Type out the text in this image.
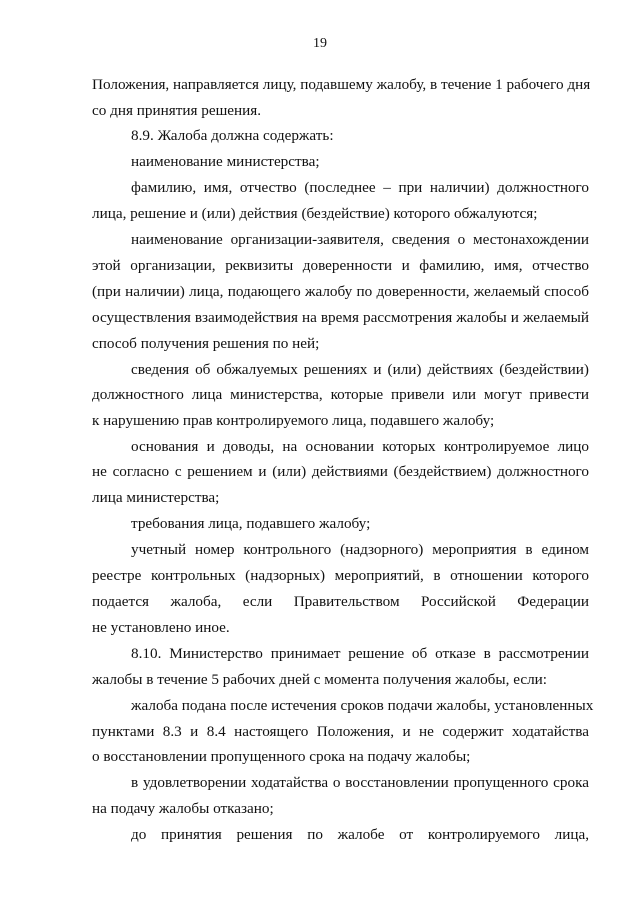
19
Положения, направляется лицу, подавшему жалобу, в течение 1 рабочего дня
со дня принятия решения.
8.9. Жалоба должна содержать:
наименование министерства;
фамилию, имя, отчество (последнее – при наличии) должностного
лица, решение и (или) действия (бездействие) которого обжалуются;
наименование организации-заявителя, сведения о местонахождении
этой организации, реквизиты доверенности и фамилию, имя, отчество
(при наличии) лица, подающего жалобу по доверенности, желаемый способ
осуществления взаимодействия на время рассмотрения жалобы и желаемый
способ получения решения по ней;
сведения об обжалуемых решениях и (или) действиях (бездействии)
должностного лица министерства, которые привели или могут привести
к нарушению прав контролируемого лица, подавшего жалобу;
основания и доводы, на основании которых контролируемое лицо
не согласно с решением и (или) действиями (бездействием) должностного
лица министерства;
требования лица, подавшего жалобу;
учетный номер контрольного (надзорного) мероприятия в едином
реестре контрольных (надзорных) мероприятий, в отношении которого
подается жалоба, если Правительством Российской Федерации
не установлено иное.
8.10. Министерство принимает решение об отказе в рассмотрении
жалобы в течение 5 рабочих дней с момента получения жалобы, если:
жалоба подана после истечения сроков подачи жалобы, установленных
пунктами 8.3 и 8.4 настоящего Положения, и не содержит ходатайства
о восстановлении пропущенного срока на подачу жалобы;
в удовлетворении ходатайства о восстановлении пропущенного срока
на подачу жалобы отказано;
до принятия решения по жалобе от контролируемого лица,
